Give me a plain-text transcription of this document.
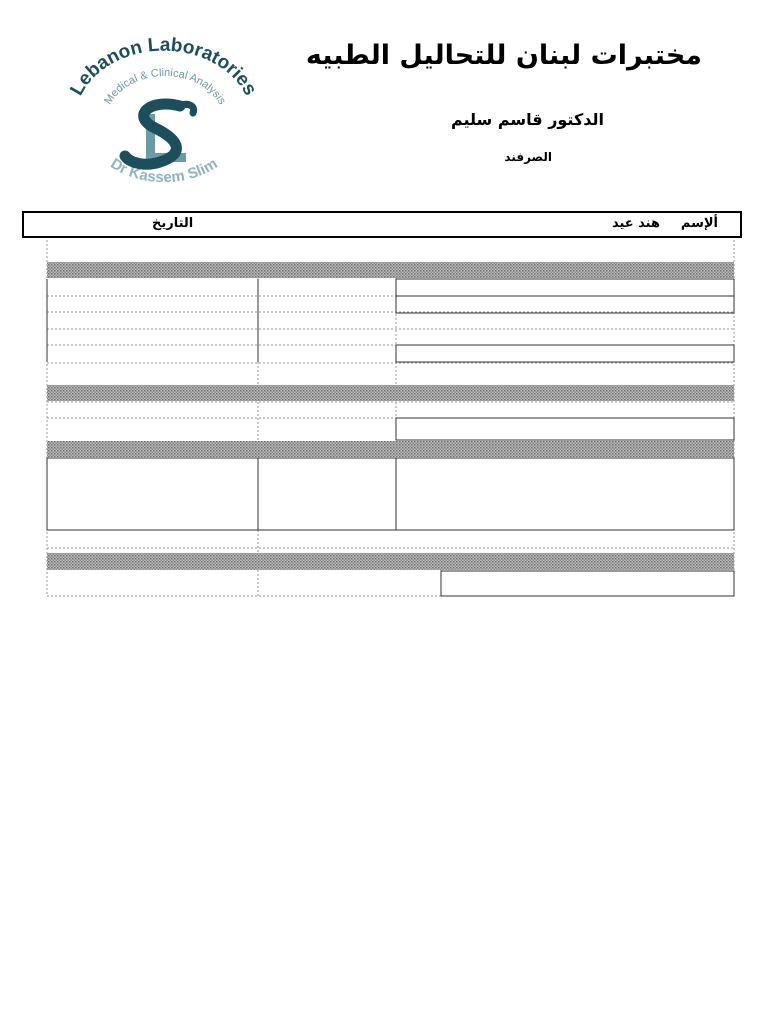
Lebanon Laboratories
Medical & Clinical Analysis
Dr Kassem Slim
مختبرات لبنان للتحاليل الطبيه
الدكتور قاسم سليم
الصرفند
ألإسم
هند عيد
التاريخ
